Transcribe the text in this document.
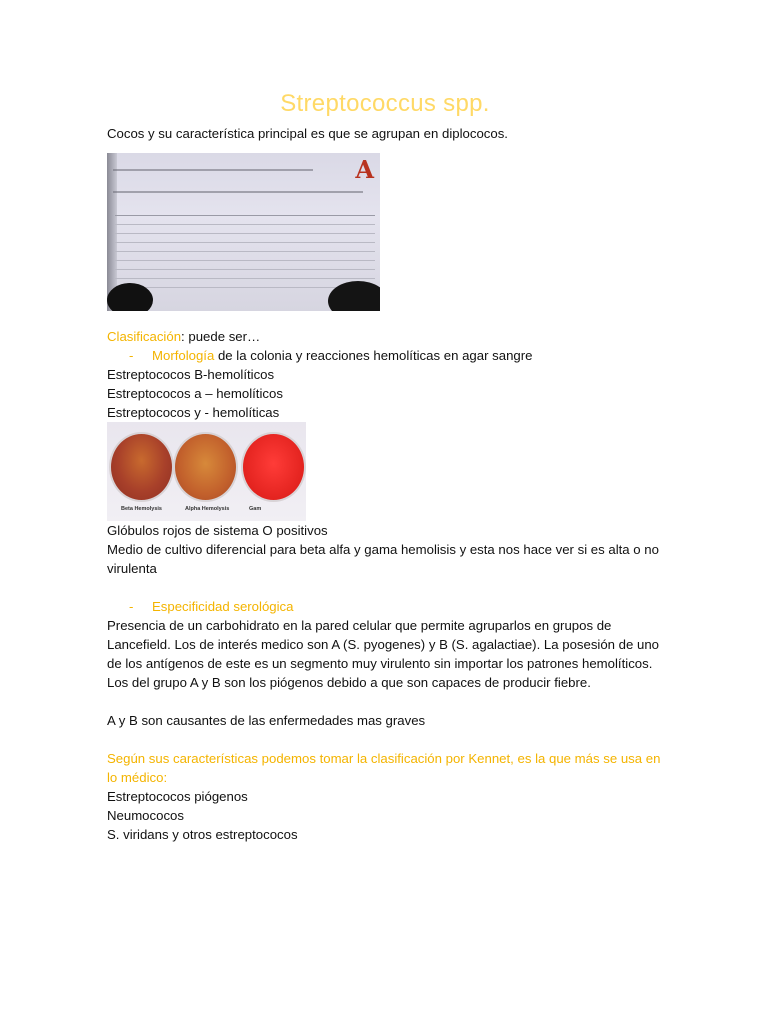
Streptococcus spp.

Cocos y su característica principal es que se agrupan en diplococos.

A

Clasificación: puede ser…

-	Morfología de la colonia y reacciones hemolíticas en agar sangre

Estreptococos B-hemolíticos

Estreptococos a – hemolíticos

Estreptococos y - hemolíticas

Beta Hemolysis	Alpha Hemolysis	Gam

Glóbulos rojos de sistema O positivos

Medio de cultivo diferencial para beta alfa y gama hemolisis y esta nos hace ver si es alta o no virulenta

-	Especificidad serológica

Presencia de un carbohidrato en la pared celular que permite agruparlos en grupos de Lancefield. Los de interés medico son A (S. pyogenes) y B (S. agalactiae). La posesión de uno de los antígenos de este es un segmento muy virulento sin importar los patrones hemolíticos. Los del grupo A y B son los piógenos debido a que son capaces de producir fiebre.

A y B son causantes de las enfermedades mas graves

Según sus características podemos tomar la clasificación por Kennet, es la que más se usa en lo médico:

Estreptococos piógenos

Neumococos

S. viridans y otros estreptococos
